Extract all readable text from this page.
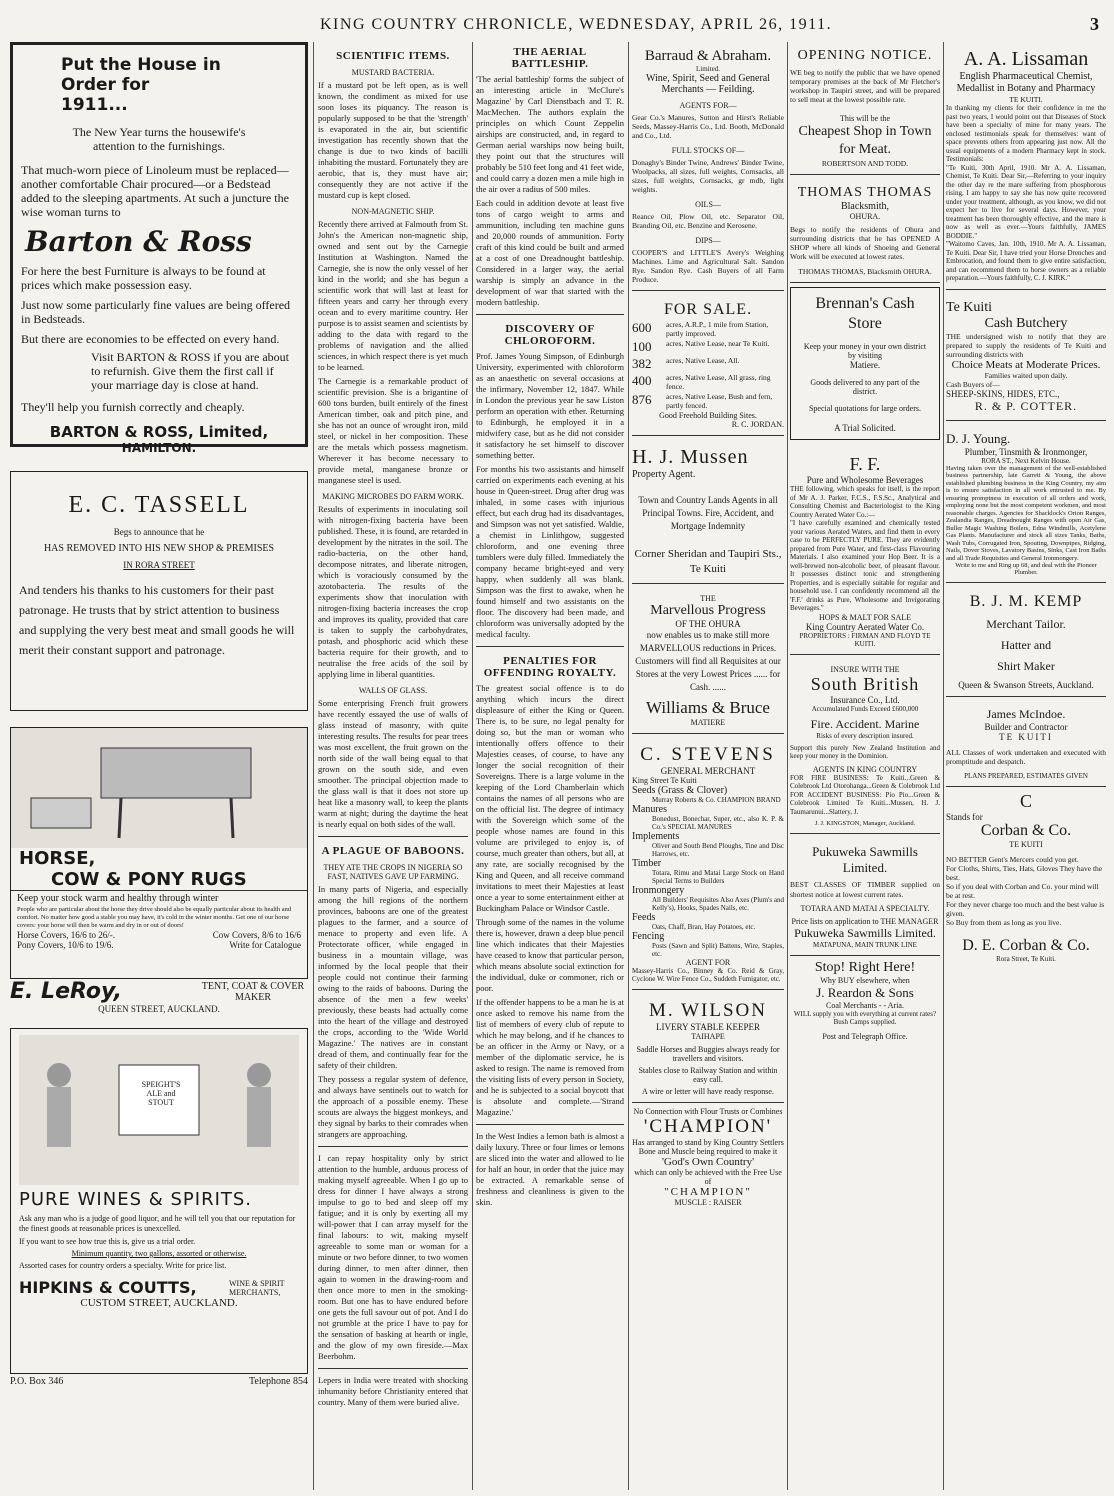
KING COUNTRY CHRONICLE, WEDNESDAY, APRIL 26, 1911.	3
Put the House in Order for 1911...
The New Year turns the housewife's attention to the furnishings.
That much-worn piece of Linoleum must be replaced—another comfortable Chair procured—or a Bedstead added to the sleeping apartments. At such a juncture the wise woman turns to
Barton & Ross
For here the best Furniture is always to be found at prices which make possession easy.
Just now some particularly fine values are being offered in Bedsteads.
But there are economies to be effected on every hand.
Visit BARTON & ROSS if you are about to refurnish. Give them the first call if your marriage day is close at hand.
They'll help you furnish correctly and cheaply.
BARTON & ROSS, Limited,
HAMILTON.
E. C. TASSELL
Begs to announce that he
HAS REMOVED INTO HIS NEW SHOP & PREMISES
IN RORA STREET
And tenders his thanks to his customers for their past patronage. He trusts that by strict attention to business and supplying the very best meat and small goods he will merit their constant support and patronage.
HORSE,
COW & PONY RUGS
Keep your stock warm and healthy through winter
People who are particular about the horse they drive should also be equally particular about its health and comfort. No matter how good a stable you may have, it's cold in the winter months. Get one of our horse covers: your horse will then be warm and dry in or out of doors!
Horse Covers, 16/6 to 26/-.	Cow Covers, 8/6 to 16/6
Pony Covers, 10/6 to 19/6.	Write for Catalogue
E. LeRoy,	TENT, COAT & COVER MAKER
QUEEN STREET, AUCKLAND.
SPEIGHT'S ALE and STOUT
PURE WINES & SPIRITS.
Ask any man who is a judge of good liquor, and he will tell you that our reputation for the finest goods at reasonable prices is unexcelled.
If you want to see how true this is, give us a trial order.
Minimum quantity, two gallons, assorted or otherwise.
Assorted cases for country orders a specialty. Write for price list.
HIPKINS & COUTTS,	WINE & SPIRIT MERCHANTS,
CUSTOM STREET, AUCKLAND.
P.O. Box 346	Telephone 854
SCIENTIFIC ITEMS.
MUSTARD BACTERIA.
If a mustard pot be left open, as is well known, the condiment as mixed for use soon loses its piquancy. The reason is popularly supposed to be that the 'strength' is evaporated in the air, but scientific investigation has recently shown that the change is due to two kinds of bacilli inhabiting the mustard. Fortunately they are aerobic, that is, they must have air; consequently they are not active if the mustard cup is kept closed.
NON-MAGNETIC SHIP.
Recently there arrived at Falmouth from St. John's the American non-magnetic ship, owned and sent out by the Carnegie Institution at Washington. Named the Carnegie, she is now the only vessel of her kind in the world; and she has begun a scientific work that will last at least for fifteen years and carry her through every ocean and to every maritime country. Her purpose is to assist seamen and scientists by adding to the data with regard to the problems of navigation and the allied sciences, in which respect there is yet much to be learned.
The Carnegie is a remarkable product of scientific prevision. She is a brigantine of 600 tons burden, built entirely of the finest American timber, oak and pitch pine, and she has not an ounce of wrought iron, mild steel, or nickel in her composition. These are the metals which possess magnetism. Wherever it has become necessary to provide metal, manganese bronze or manganese steel is used.
MAKING MICROBES DO FARM WORK.
Results of experiments in inoculating soil with nitrogen-fixing bacteria have been published. These, it is found, are retarded in development by the nitrates in the soil. The radio-bacteria, on the other hand, decompose nitrates, and liberate nitrogen, which is voraciously consumed by the azotobacteria. The results of the experiments show that inoculation with nitrogen-fixing bacteria increases the crop and improves its quality, provided that care is taken to supply the carbohydrates, potash, and phosphoric acid which these bacteria require for their growth, and to neutralise the free acids of the soil by applying lime in liberal quantities.
WALLS OF GLASS.
Some enterprising French fruit growers have recently essayed the use of walls of glass instead of masonry, with quite interesting results. The results for pear trees was most excellent, the fruit grown on the north side of the wall being equal to that grown on the south side, and even smoother. The principal objection made to the glass wall is that it does not store up heat like a masonry wall, to keep the plants warm at night; during the daytime the heat is nearly equal on both sides of the wall.
A PLAGUE OF BABOONS.
THEY ATE THE CROPS IN NIGERIA SO FAST, NATIVES GAVE UP FARMING.
In many parts of Nigeria, and especially among the hill regions of the northern provinces, baboons are one of the greatest plagues to the farmer, and a source of menace to property and even life. A Protectorate officer, while engaged in business in a mountain village, was informed by the local people that their people could not continue their farming owing to the raids of baboons. During the absence of the men a few weeks' previously, these beasts had actually come into the heart of the village and destroyed the crops, according to the 'Wide World Magazine.' The natives are in constant dread of them, and continually fear for the safety of their children.
They possess a regular system of defence, and always have sentinels out to watch for the approach of a possible enemy. These scouts are always the biggest monkeys, and they signal by barks to their comrades when strangers are approaching.
I can repay hospitality only by strict attention to the humble, arduous process of making myself agreeable. When I go up to dress for dinner I have always a strong impulse to go to bed and sleep off my fatigue; and it is only by exerting all my will-power that I can array myself for the final labours: to wit, making myself agreeable to some man or woman for a minute or two before dinner, to two women during dinner, to men after dinner, then again to women in the drawing-room and then once more to men in the smoking-room. But one has to have endured before one gets the full savour out of pot. And I do not grumble at the price I have to pay for the sensation of basking at hearth or ingle, and the glow of my own fireside.—Max Beerbohm.
Lepers in India were treated with shocking inhumanity before Christianity entered that country. Many of them were buried alive.
THE AERIAL BATTLESHIP.
'The aerial battleship' forms the subject of an interesting article in 'McClure's Magazine' by Carl Dienstbach and T. R. MacMechen. The authors explain the principles on which Count Zeppelin airships are constructed, and, in regard to German aerial warships now being built, they point out that the structures will probably be 510 feet long and 41 feet wide, and could carry a dozen men a mile high in the air over a radius of 500 miles.
Each could in addition devote at least five tons of cargo weight to arms and ammunition, including ten machine guns and 20,000 rounds of ammunition. Forty craft of this kind could be built and armed at a cost of one Dreadnought battleship. Considered in a larger way, the aerial warship is simply an advance in the development of war that started with the modern battleship.
DISCOVERY OF CHLOROFORM.
Prof. James Young Simpson, of Edinburgh University, experimented with chloroform as an anaesthetic on several occasions at the infirmary, November 12, 1847. While in London the previous year he saw Liston perform an operation with ether. Returning to Edinburgh, he employed it in a midwifery case, but as he did not consider it satisfactory he set himself to discover something better.
For months his two assistants and himself carried on experiments each evening at his house in Queen-street. Drug after drug was inhaled, in some cases with injurious effect, but each drug had its disadvantages, and Simpson was not yet satisfied. Waldie, a chemist in Linlithgow, suggested chloroform, and one evening three tumblers were duly filled. Immediately the company became bright-eyed and very happy, when suddenly all was blank. Simpson was the first to awake, when he found himself and two assistants on the floor. The discovery had been made, and chloroform was universally adopted by the medical faculty.
PENALTIES FOR OFFENDING ROYALTY.
The greatest social offence is to do anything which incurs the direct displeasure of either the King or Queen. There is, to be sure, no legal penalty for doing so, but the man or woman who intentionally offers offence to their Majesties ceases, of course, to have any longer the social recognition of their Sovereigns. There is a large volume in the keeping of the Lord Chamberlain which contains the names of all persons who are on the official list. The degree of intimacy with the Sovereign which some of the people whose names are found in this volume are privileged to enjoy is, of course, much greater than others, but all, at any rate, are socially recognised by the King and Queen, and all receive command invitations to meet their Majesties at least once a year to some entertainment either at Buckingham Palace or Windsor Castle.
Through some of the names in the volume there is, however, drawn a deep blue pencil line which indicates that their Majesties have ceased to know that particular person, which means absolute social extinction for the individual, duke or commoner, rich or poor.
If the offender happens to be a man he is at once asked to remove his name from the list of members of every club of repute to which he may belong, and if he chances to be an officer in the Army or Navy, or a member of the diplomatic service, he is asked to resign. The name is removed from the visiting lists of every person in Society, and he is subjected to a social boycott that is absolute and complete.—'Strand Magazine.'
In the West Indies a lemon bath is almost a daily luxury. Three or four limes or lemons are sliced into the water and allowed to lie for half an hour, in order that the juice may be extracted. A remarkable sense of freshness and cleanliness is given to the skin.
Barraud & Abraham.
Limited.
Wine, Spirit, Seed and General Merchants — Feilding.
AGENTS FOR—
Gear Co.'s Manures, Sutton and Hirst's Reliable Seeds, Massey-Harris Co., Ltd. Booth, McDonald and Co., Ltd.
FULL STOCKS OF—
Donaghy's Binder Twine, Andrews' Binder Twine, Woolpacks, all sizes, full weights, Cornsacks, all sizes, full weights, Cornsacks, gr mdb, light weights.
OILS—
Reance Oil, Plow Oil, etc. Separator Oil, Branding Oil, etc. Benzine and Kerosene.
DIPS—
COOPER'S and LITTLE'S Avery's Weighing Machines. Lime and Agricultural Salt. Sandon Rye. Sandon Rye. Cash Buyers of all Farm Produce.
FOR SALE.
600	acres, A.R.P., 1 mile from Station, partly improved.
100	acres, Native Lease, near Te Kuiti.
382	acres, Native Lease, All.
400	acres, Native Lease, All grass, ring fence.
876	acres, Native Lease, Bush and fern, partly fenced.
Good Freehold Building Sites.
R. C. JORDAN.
H. J. Mussen
Property Agent.
Town and Country Lands Agents in all Principal Towns. Fire, Accident, and Mortgage Indemnity
Corner Sheridan and Taupiri Sts., Te Kuiti
THE
Marvellous Progress
OF THE OHURA
now enables us to make still more MARVELLOUS reductions in Prices. Customers will find all Requisites at our Stores at the very Lowest Prices ...... for Cash. ......
Williams & Bruce
MATIERE
C. STEVENS
GENERAL MERCHANT
King Street Te Kuiti
Seeds (Grass & Clover)
Murray Roberts & Co. CHAMPION BRAND
Manures
Bonedust, Bonechar, Super, etc., also K. P. & Co.'s SPECIAL MANURES
Implements
Oliver and South Bend Ploughs, Tine and Disc Harrows, etc.
Timber
Totara, Rimu and Matai Large Stock on Hand Special Terms to Builders
Ironmongery
All Builders' Requisites Also Axes (Plum's and Kelly's), Hooks, Spades Nails, etc.
Feeds
Oats, Chaff, Bran, Hay Potatoes, etc.
Fencing
Posts (Sawn and Split) Battens, Wire, Staples, etc.
AGENT FOR
Massey-Harris Co., Binney & Co. Reid & Gray, Cyclone W. Wire Fence Co., Suddeth Fumigator, etc.
M. WILSON
LIVERY STABLE KEEPER
TAIHAPE
Saddle Horses and Buggies always ready for travellers and visitors.
Stables close to Railway Station and within easy call.
A wire or letter will have ready response.
No Connection with Flour Trusts or Combines
'CHAMPION'
Has arranged to stand by King Country Settlers Bone and Muscle being required to make it
'God's Own Country'
which can only be achieved with the Free Use of
"CHAMPION"
MUSCLE : RAISER
OPENING NOTICE.
WE beg to notify the public that we have opened temporary premises at the back of Mr Fletcher's workshop in Taupiri street, and will be prepared to sell meat at the lowest possible rate.
This will be the
Cheapest Shop in Town for Meat.
ROBERTSON AND TODD.
THOMAS THOMAS
Blacksmith,
OHURA.
Begs to notify the residents of Ohura and surrounding districts that he has OPENED A SHOP where all kinds of Shoeing and General Work will be executed at lowest rates.
THOMAS THOMAS, Blacksmith OHURA.
Brennan's Cash Store
Keep your money in your own district by visiting
Matiere.
Goods delivered to any part of the district.
Special quotations for large orders.
A Trial Solicited.
F. F.
Pure and Wholesome Beverages
THE following, which speaks for itself, is the report of Mr A. J. Parker, F.C.S., F.S.Sc., Analytical and Consulting Chemist and Bacteriologist to the King Country Aerated Water Co.:—
"I have carefully examined and chemically tested your various Aerated Waters, and find them in every case to be PERFECTLY PURE. They are evidently prepared from Pure Water, and first-class Flavouring Materials. I also examined your Hop Beer. It is a well-brewed non-alcoholic beer, of pleasant flavour. It possesses distinct tonic and strengthening Properties, and is especially suitable for regular and household use. I can confidently recommend all the 'F.F.' drinks as Pure, Wholesome and Invigorating Beverages."
HOPS & MALT FOR SALE
King Country Aerated Water Co.
PROPRIETORS : FIRMAN AND FLOYD TE KUITI.
INSURE WITH THE
South British
Insurance Co., Ltd.
Accumulated Funds Exceed £600,000
Fire. Accident. Marine
Risks of every description insured.
Support this purely New Zealand Institution and keep your money in the Dominion.
AGENTS IN KING COUNTRY
FOR FIRE BUSINESS: Te Kuiti...Green & Colebrook Ltd Otorohanga...Green & Colebrook Ltd FOR ACCIDENT BUSINESS: Pio Pio...Green & Colebrook Limited Te Kuiti...Mussen, H. J. Taumarunui...Slattery, J.
J. J. KINGSTON, Manager, Auckland.
Pukuweka Sawmills Limited.
BEST CLASSES OF TIMBER supplied on shortest notice at lowest current rates.
TOTARA AND MATAI A SPECIALTY.
Price lists on application to THE MANAGER
Pukuweka Sawmills Limited.
MATAPUNA, MAIN TRUNK LINE
Stop! Right Here!
Why BUY elsewhere, when
J. Reardon & Sons
Coal Merchants - - Aria.
WILL supply you with everything at current rates? Bush Camps supplied.
Post and Telegraph Office.
A. A. Lissaman
English Pharmaceutical Chemist, Medallist in Botany and Pharmacy
TE KUITI.
In thanking my clients for their confidence in me the past two years, I would point out that Diseases of Stock have been a specialty of mine for many years. The enclosed testimonials speak for themselves: want of space prevents others from appearing just now. All the usual equipments of a modern Pharmacy kept in stock. Testimonials:
"Te Kuiti, 30th April, 1910. Mr A. A. Lissaman, Chemist, Te Kuiti. Dear Sir,—Referring to your inquiry the other day re the mare suffering from phosphorous rising, I am happy to say she has now quite recovered under your treatment, although, as you know, we did not expect her to live for several days. However, your treatment has been thoroughly effective, and the mare is now as well as ever.—Yours faithfully, JAMES BODDIE."
"Waitomo Caves, Jan. 10th, 1910. Mr A. A. Lissaman, Te Kuiti. Dear Sir, I have tried your Horse Drenches and Embrocation, and found them to give entire satisfaction, and can recommend them to horse owners as a reliable preparation.—Yours faithfully, C. J. KIRK."
Te Kuiti
Cash Butchery
THE undersigned wish to notify that they are prepared to supply the residents of Te Kuiti and surrounding districts with
Choice Meats at Moderate Prices.
Families waited upon daily.
Cash Buyers of—
SHEEP-SKINS, HIDES, ETC.,
R. & P. COTTER.
D. J. Young.
Plumber, Tinsmith & Ironmonger,
RORA ST., Next Kelvin House.
Having taken over the management of the well-established business partnership, late Garrett & Young, the above established plumbing business in the King Country, my aim is to ensure satisfaction in all work entrusted to me. By ensuring promptness in execution of all orders and work, employing none but the most competent workmen, and most reasonable charges. Agencies for Shacklock's Orion Ranges, Zealandia Ranges, Dreadnought Ranges with open Air Gas, Buller Magic Washing Boilers, Edna Windmills, Acetylene Gas Plants. Manufacturer and stock all sizes Tanks, Baths, Wash Tubs, Corrugated Iron, Spouting, Downpipes, Ridging, Nails, Dover Stoves, Lavatory Basins, Sinks, Cast Iron Baths and all Trade Requisites and General Ironmongery.
Write to me and Ring up 68, and deal with the Pioneer Plumber.
B. J. M. KEMP
Merchant Tailor.
Hatter and
Shirt Maker
Queen & Swanson Streets, Auckland.
James McIndoe.
Builder and Contractor
TE KUITI
ALL Classes of work undertaken and executed with promptitude and despatch.
PLANS PREPARED, ESTIMATES GIVEN
C
Stands for
Corban & Co.
TE KUITI
NO BETTER Gent's Mercers could you get.
For Cloths, Shirts, Ties, Hats, Gloves They have the best.
So if you deal with Corban and Co. your mind will be at rest.
For they never charge too much and the best value is given.
So Buy from them as long as you live.
D. E. Corban & Co.
Rora Street, Te Kuiti.
